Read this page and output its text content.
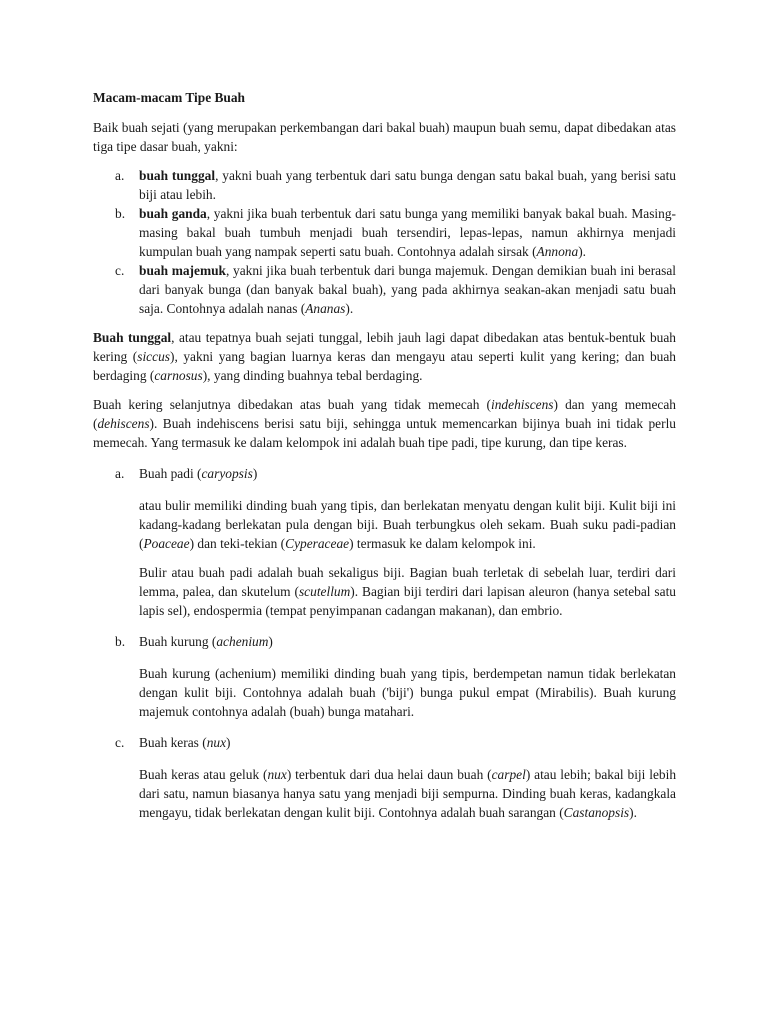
Macam-macam Tipe Buah

Baik buah sejati (yang merupakan perkembangan dari bakal buah) maupun buah semu, dapat dibedakan atas tiga tipe dasar buah, yakni:

a. buah tunggal, yakni buah yang terbentuk dari satu bunga dengan satu bakal buah, yang berisi satu biji atau lebih.
b. buah ganda, yakni jika buah terbentuk dari satu bunga yang memiliki banyak bakal buah. Masing-masing bakal buah tumbuh menjadi buah tersendiri, lepas-lepas, namun akhirnya menjadi kumpulan buah yang nampak seperti satu buah. Contohnya adalah sirsak (Annona).
c. buah majemuk, yakni jika buah terbentuk dari bunga majemuk. Dengan demikian buah ini berasal dari banyak bunga (dan banyak bakal buah), yang pada akhirnya seakan-akan menjadi satu buah saja. Contohnya adalah nanas (Ananas).

Buah tunggal, atau tepatnya buah sejati tunggal, lebih jauh lagi dapat dibedakan atas bentuk-bentuk buah kering (siccus), yakni yang bagian luarnya keras dan mengayu atau seperti kulit yang kering; dan buah berdaging (carnosus), yang dinding buahnya tebal berdaging.

Buah kering selanjutnya dibedakan atas buah yang tidak memecah (indehiscens) dan yang memecah (dehiscens). Buah indehiscens berisi satu biji, sehingga untuk memencarkan bijinya buah ini tidak perlu memecah. Yang termasuk ke dalam kelompok ini adalah buah tipe padi, tipe kurung, dan tipe keras.

a. Buah padi (caryopsis)

atau bulir memiliki dinding buah yang tipis, dan berlekatan menyatu dengan kulit biji. Kulit biji ini kadang-kadang berlekatan pula dengan biji. Buah terbungkus oleh sekam. Buah suku padi-padian (Poaceae) dan teki-tekian (Cyperaceae) termasuk ke dalam kelompok ini.

Bulir atau buah padi adalah buah sekaligus biji. Bagian buah terletak di sebelah luar, terdiri dari lemma, palea, dan skutelum (scutellum). Bagian biji terdiri dari lapisan aleuron (hanya setebal satu lapis sel), endospermia (tempat penyimpanan cadangan makanan), dan embrio.

b. Buah kurung (achenium)

Buah kurung (achenium) memiliki dinding buah yang tipis, berdempetan namun tidak berlekatan dengan kulit biji. Contohnya adalah buah ('biji') bunga pukul empat (Mirabilis). Buah kurung majemuk contohnya adalah (buah) bunga matahari.

c. Buah keras (nux)

Buah keras atau geluk (nux) terbentuk dari dua helai daun buah (carpel) atau lebih; bakal biji lebih dari satu, namun biasanya hanya satu yang menjadi biji sempurna. Dinding buah keras, kadangkala mengayu, tidak berlekatan dengan kulit biji. Contohnya adalah buah sarangan (Castanopsis).
